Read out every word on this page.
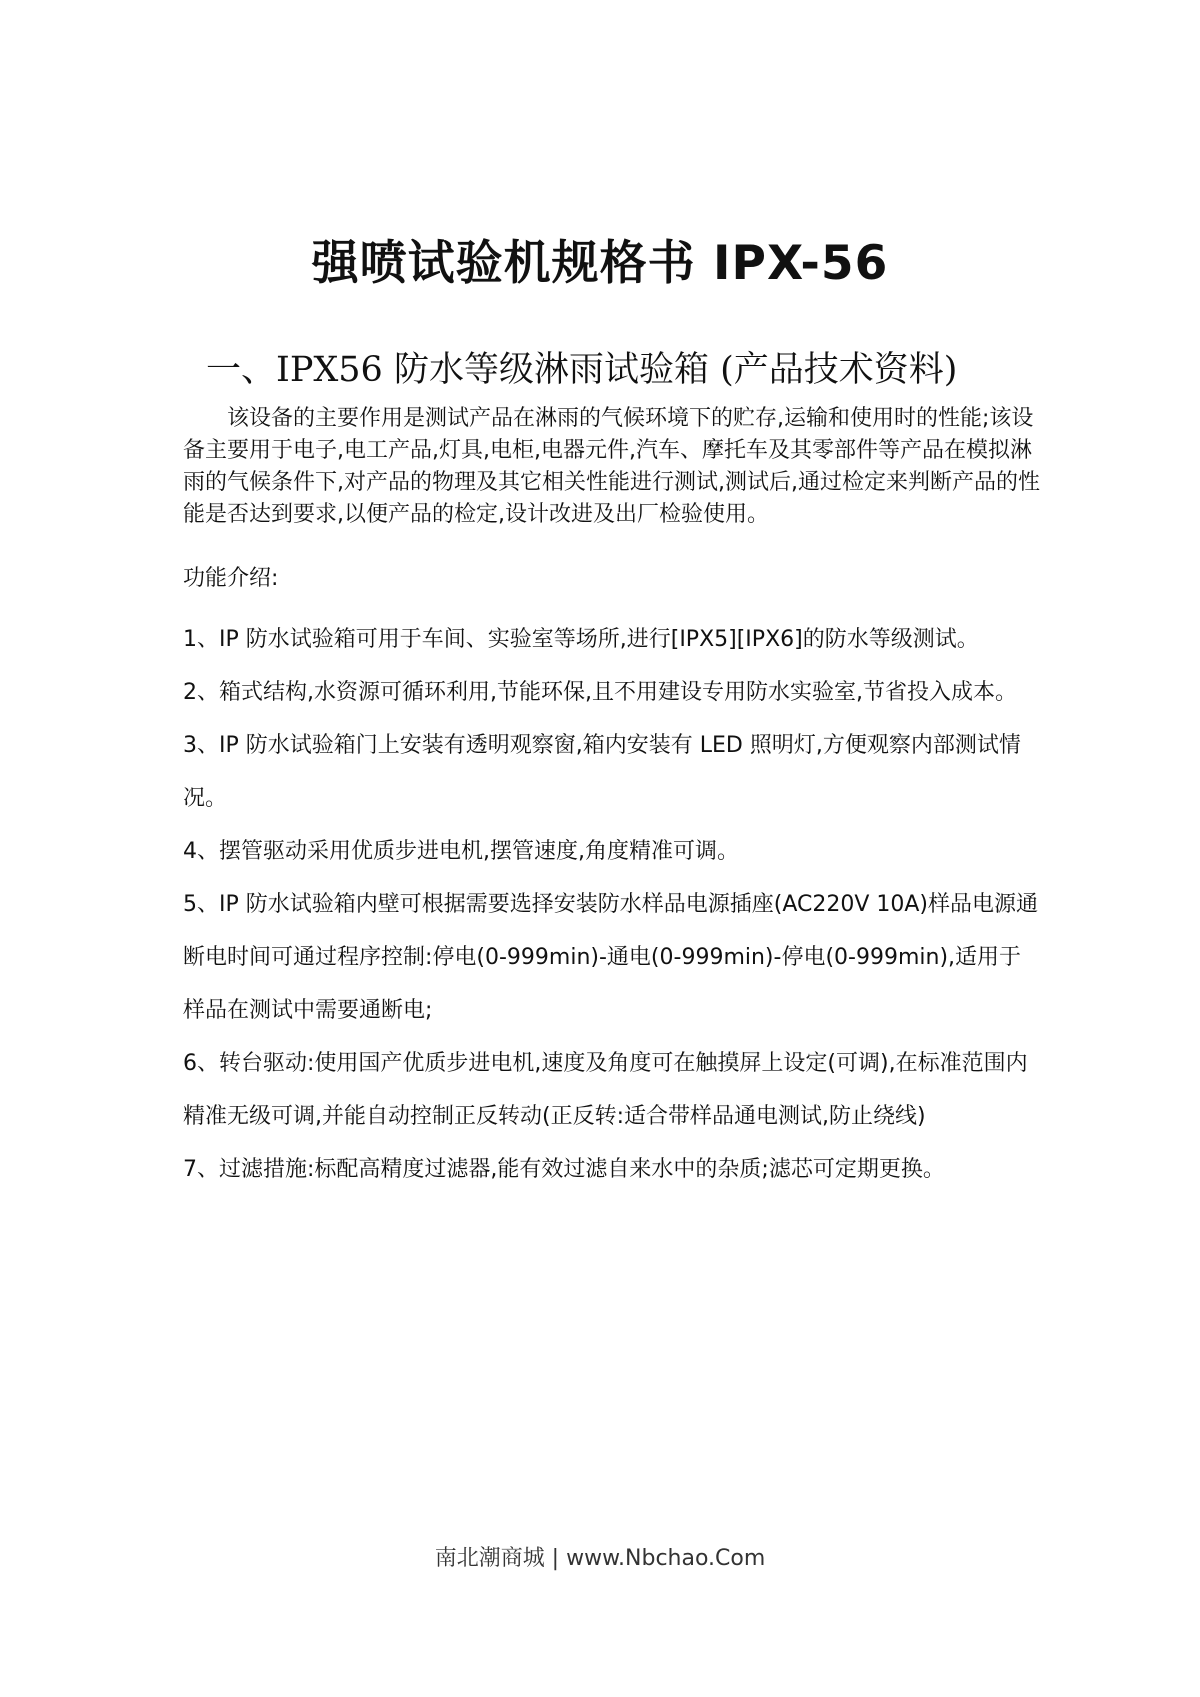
强喷试验机规格书 IPX-56
一、IPX56 防水等级淋雨试验箱 (产品技术资料)

该设备的主要作用是测试产品在淋雨的气候环境下的贮存,运输和使用时的性能;该设备主要用于电子,电工产品,灯具,电柜,电器元件,汽车、摩托车及其零部件等产品在模拟淋雨的气候条件下,对产品的物理及其它相关性能进行测试,测试后,通过检定来判断产品的性能是否达到要求,以便产品的检定,设计改进及出厂检验使用。

功能介绍:
1、IP 防水试验箱可用于车间、实验室等场所,进行[IPX5][IPX6]的防水等级测试。
2、箱式结构,水资源可循环利用,节能环保,且不用建设专用防水实验室,节省投入成本。
3、IP 防水试验箱门上安装有透明观察窗,箱内安装有 LED 照明灯,方便观察内部测试情况。
4、摆管驱动采用优质步进电机,摆管速度,角度精准可调。
5、IP 防水试验箱内壁可根据需要选择安装防水样品电源插座(AC220V 10A)样品电源通断电时间可通过程序控制:停电(0-999min)-通电(0-999min)-停电(0-999min),适用于样品在测试中需要通断电;
6、转台驱动:使用国产优质步进电机,速度及角度可在触摸屏上设定(可调),在标准范围内精准无级可调,并能自动控制正反转动(正反转:适合带样品通电测试,防止绕线)
7、过滤措施:标配高精度过滤器,能有效过滤自来水中的杂质;滤芯可定期更换。
南北潮商城 | www.Nbchao.Com
